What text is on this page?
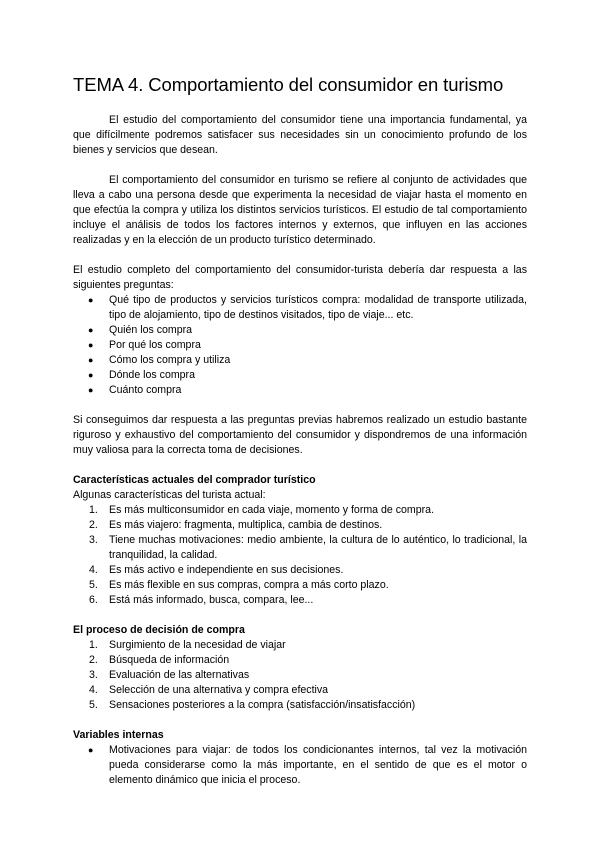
TEMA 4. Comportamiento del consumidor en turismo

El estudio del comportamiento del consumidor tiene una importancia fundamental, ya que difícilmente podremos satisfacer sus necesidades sin un conocimiento profundo de los bienes y servicios que desean.

El comportamiento del consumidor en turismo se refiere al conjunto de actividades que lleva a cabo una persona desde que experimenta la necesidad de viajar hasta el momento en que efectúa la compra y utiliza los distintos servicios turísticos. El estudio de tal comportamiento incluye el análisis de todos los factores internos y externos, que influyen en las acciones realizadas y en la elección de un producto turístico determinado.

El estudio completo del comportamiento del consumidor-turista debería dar respuesta a las siguientes preguntas:

● Qué tipo de productos y servicios turísticos compra: modalidad de transporte utilizada, tipo de alojamiento, tipo de destinos visitados, tipo de viaje... etc.
● Quién los compra
● Por qué los compra
● Cómo los compra y utiliza
● Dónde los compra
● Cuánto compra

Si conseguimos dar respuesta a las preguntas previas habremos realizado un estudio bastante riguroso y exhaustivo del comportamiento del consumidor y dispondremos de una información muy valiosa para la correcta toma de decisiones.

Características actuales del comprador turístico

Algunas características del turista actual:

1. Es más multiconsumidor en cada viaje, momento y forma de compra.
2. Es más viajero: fragmenta, multiplica, cambia de destinos.
3. Tiene muchas motivaciones: medio ambiente, la cultura de lo auténtico, lo tradicional, la tranquilidad, la calidad.
4. Es más activo e independiente en sus decisiones.
5. Es más flexible en sus compras, compra a más corto plazo.
6. Está más informado, busca, compara, lee...

El proceso de decisión de compra

1. Surgimiento de la necesidad de viajar
2. Búsqueda de información
3. Evaluación de las alternativas
4. Selección de una alternativa y compra efectiva
5. Sensaciones posteriores a la compra (satisfacción/insatisfacción)

Variables internas

● Motivaciones para viajar: de todos los condicionantes internos, tal vez la motivación pueda considerarse como la más importante, en el sentido de que es el motor o elemento dinámico que inicia el proceso.
